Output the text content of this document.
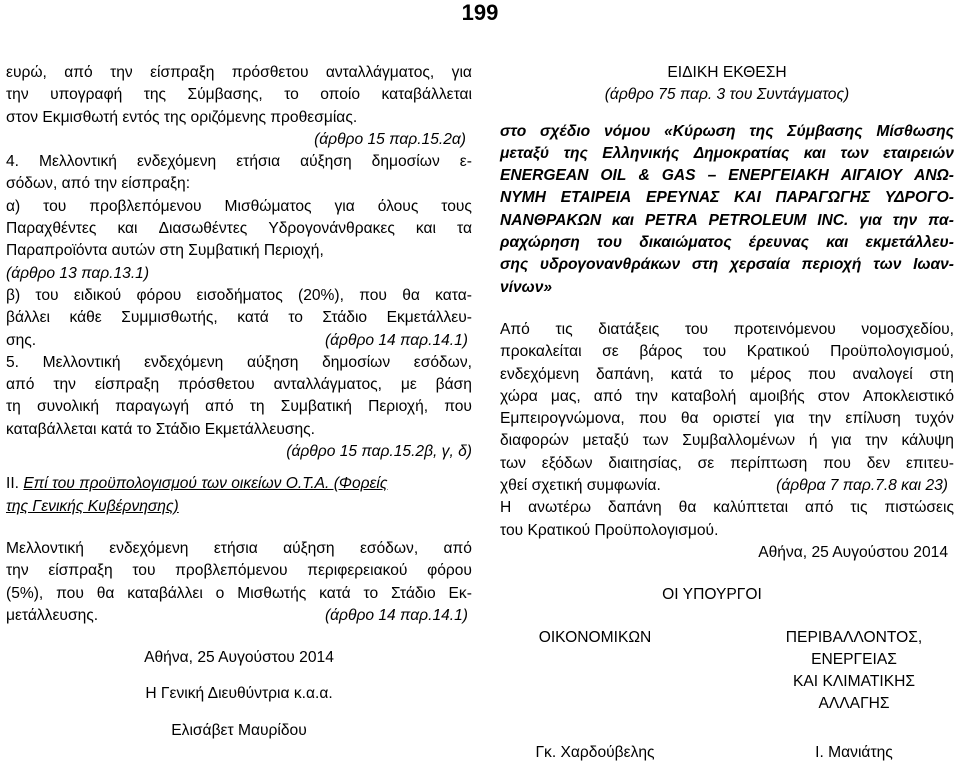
199
ευρώ, από την είσπραξη πρόσθετου ανταλλάγματος, για
την υπογραφή της Σύμβασης, το οποίο καταβάλλεται
στον Εκμισθωτή εντός της οριζόμενης προθεσμίας.
(άρθρο 15 παρ.15.2α)
4. Μελλοντική ενδεχόμενη ετήσια αύξηση δημοσίων ε-
σόδων, από την είσπραξη:
α) του προβλεπόμενου Μισθώματος για όλους τους
Παραχθέντες και Διασωθέντες Υδρογονάνθρακες και τα
Παραπροϊόντα αυτών στη Συμβατική Περιοχή,
(άρθρο 13 παρ.13.1)
β) του ειδικού φόρου εισοδήματος (20%), που θα κατα-
βάλλει κάθε Συμμισθωτής, κατά το Στάδιο Εκμετάλλευ-
σης.	(άρθρο 14 παρ.14.1)
5. Μελλοντική ενδεχόμενη αύξηση δημοσίων εσόδων,
από την είσπραξη πρόσθετου ανταλλάγματος, με βάση
τη συνολική παραγωγή από τη Συμβατική Περιοχή, που
καταβάλλεται κατά το Στάδιο Εκμετάλλευσης.
(άρθρο 15 παρ.15.2β, γ, δ)
II.
Επί του προϋπολογισμού των οικείων Ο.Τ.Α. (Φορείς
της Γενικής Κυβέρνησης)
Μελλοντική ενδεχόμενη ετήσια αύξηση εσόδων, από
την είσπραξη του προβλεπόμενου περιφερειακού φόρου
(5%), που θα καταβάλλει ο Μισθωτής κατά το Στάδιο Εκ-
μετάλλευσης.	(άρθρο 14 παρ.14.1)
Αθήνα, 25 Αυγούστου 2014
Η Γενική Διευθύντρια κ.α.α.
Ελισάβετ Μαυρίδου
ΕΙΔΙΚΗ ΕΚΘΕΣΗ
(άρθρο 75 παρ. 3 του Συντάγματος)
στο σχέδιο νόμου «Κύρωση της Σύμβασης Μίσθωσης
μεταξύ της Ελληνικής Δημοκρατίας και των εταιρειών
ENERGEAN OIL & GAS – ΕΝΕΡΓΕΙΑΚΗ ΑΙΓΑΙΟΥ ΑΝΩ-
ΝΥΜΗ ΕΤΑΙΡΕΙΑ ΕΡΕΥΝΑΣ ΚΑΙ ΠΑΡΑΓΩΓΗΣ ΥΔΡΟΓΟ-
ΝΑΝΘΡΑΚΩΝ και PETRA PETROLEUM INC. για την πα-
ραχώρηση του δικαιώματος έρευνας και εκμετάλλευ-
σης υδρογονανθράκων στη χερσαία περιοχή των Ιωαν-
νίνων»
Από τις διατάξεις του προτεινόμενου νομοσχεδίου,
προκαλείται σε βάρος του Κρατικού Προϋπολογισμού,
ενδεχόμενη δαπάνη, κατά το μέρος που αναλογεί στη
χώρα μας, από την καταβολή αμοιβής στον Αποκλειστικό
Εμπειρογνώμονα, που θα οριστεί για την επίλυση τυχόν
διαφορών μεταξύ των Συμβαλλομένων ή για την κάλυψη
των εξόδων διαιτησίας, σε περίπτωση που δεν επιτευ-
χθεί σχετική συμφωνία.	(άρθρα 7 παρ.7.8 και 23)
Η ανωτέρω δαπάνη θα καλύπτεται από τις πιστώσεις
του Κρατικού Προϋπολογισμού.
Αθήνα, 25 Αυγούστου 2014
ΟΙ ΥΠΟΥΡΓΟΙ
ΟΙΚΟΝΟΜΙΚΩΝ	ΠΕΡΙΒΑΛΛΟΝΤΟΣ,
ΕΝΕΡΓΕΙΑΣ
ΚΑΙ ΚΛΙΜΑΤΙΚΗΣ
ΑΛΛΑΓΗΣ
Γκ. Χαρδούβελης	Ι. Μανιάτης
